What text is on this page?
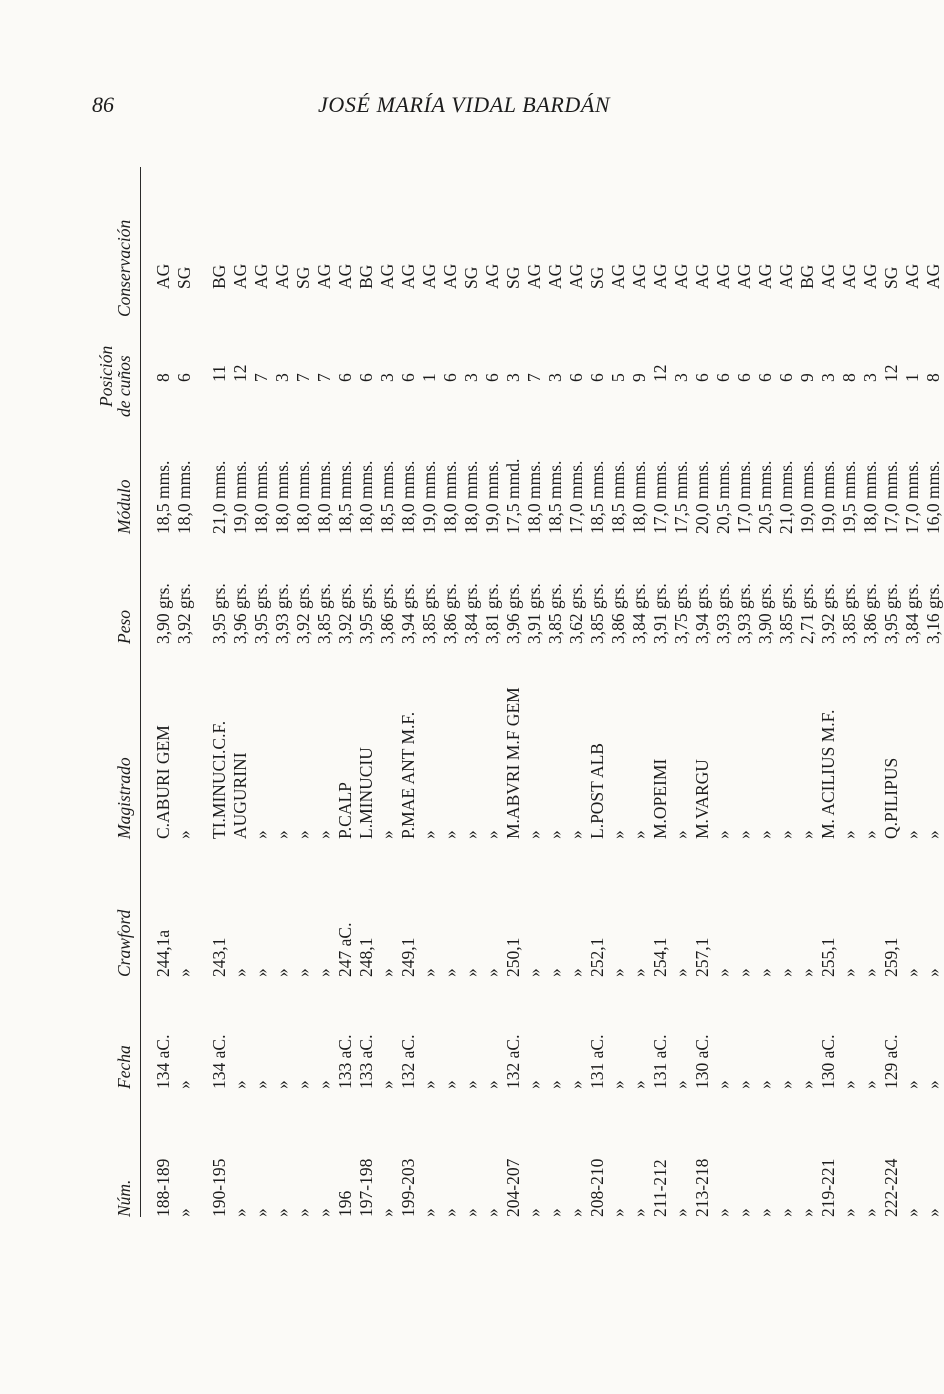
86	JOSÉ MARÍA VIDAL BARDÁN
Núm.
Fecha
Crawford
Magistrado
Peso
Módulo
Posición
de cuños
Conservación
188-189
134 aC.
244,1a
C.ABURI GEM
3,90 grs.
18,5 mms.
8
AG
»
»
»
»
3,92 grs.
18,0 mms.
6
SG
190-195
134 aC.
243,1
TI.MINUCI.C.F.
3,95 grs.
21,0 mms.
11
BG
»
»
»
AUGURINI
3,96 grs.
19,0 mms.
12
AG
»
»
»
»
3,95 grs.
18,0 mms.
7
AG
»
»
»
»
3,93 grs.
18,0 mms.
3
AG
»
»
»
»
3,92 grs.
18,0 mms.
7
SG
»
»
»
»
3,85 grs.
18,0 mms.
7
AG
196
133 aC.
247 aC.
P.CALP
3,92 grs.
18,5 mms.
6
AG
197-198
133 aC.
248,1
L.MINUCIU
3,95 grs.
18,0 mms.
6
BG
»
»
»
»
3,86 grs.
18,5 mms.
3
AG
199-203
132 aC.
249,1
P.MAE ANT M.F.
3,94 grs.
18,0 mms.
6
AG
»
»
»
»
3,85 grs.
19,0 mms.
1
AG
»
»
»
»
3,86 grs.
18,0 mms.
6
AG
»
»
»
»
3,84 grs.
18,0 mms.
3
SG
»
»
»
»
3,81 grs.
19,0 mms.
6
AG
204-207
132 aC.
250,1
M.ABVRI M.F GEM
3,96 grs.
17,5 mmd.
3
SG
»
»
»
»
3,91 grs.
18,0 mms.
7
AG
»
»
»
»
3,85 grs.
18,5 mms.
3
AG
»
»
»
»
3,62 grs.
17,0 mms.
6
AG
208-210
131 aC.
252,1
L.POST ALB
3,85 grs.
18,5 mms.
6
SG
»
»
»
»
3,86 grs.
18,5 mms.
5
AG
»
»
»
»
3,84 grs.
18,0 mms.
9
AG
211-212
131 aC.
254,1
M.OPEIMI
3,91 grs.
17,0 mms.
12
AG
»
»
»
»
3,75 grs.
17,5 mms.
3
AG
213-218
130 aC.
257,1
M.VARGU
3,94 grs.
20,0 mms.
6
AG
»
»
»
»
3,93 grs.
20,5 mms.
6
AG
»
»
»
»
3,93 grs.
17,0 mms.
6
AG
»
»
»
»
3,90 grs.
20,5 mms.
6
AG
»
»
»
»
3,85 grs.
21,0 mms.
6
AG
»
»
»
»
2,71 grs.
19,0 mms.
9
BG
219-221
130 aC.
255,1
M. ACILIUS M.F.
3,92 grs.
19,0 mms.
3
AG
»
»
»
»
3,85 grs.
19,5 mms.
8
AG
»
»
»
»
3,86 grs.
18,0 mms.
3
AG
222-224
129 aC.
259,1
Q.PILIPUS
3,95 grs.
17,0 mms.
12
SG
»
»
»
»
3,84 grs.
17,0 mms.
1
AG
»
»
»
»
3,16 grs.
16,0 mms.
8
AG
